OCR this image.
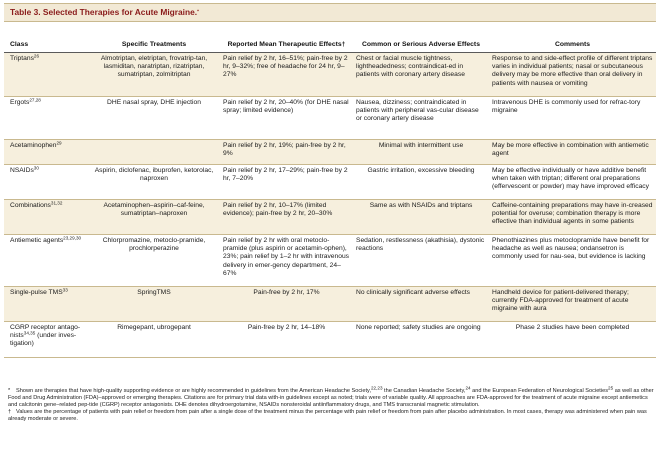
Table 3. Selected Therapies for Acute Migraine.*
Class	Specific Treatments	Reported Mean Therapeutic Effects†	Common or Serious Adverse Effects	Comments
Triptans$^{26}$	Almotriptan, eletriptan, frovatrip-tan, lasmiditan, naratriptan, rizatriptan, sumatriptan, zolmitriptan	Pain relief by 2 hr, 16–51%; pain-free by 2 hr, 9–32%; free of headache for 24 hr, 9–27%	Chest or facial muscle tightness, lightheadedness; contraindicat-ed in patients with coronary artery disease	Response to and side-effect profile of different triptans varies in individual patients; nasal or subcutaneous delivery may be more effective than oral delivery in patients with nausea or vomiting
Ergots$^{27,28}$	DHE nasal spray, DHE injection	Pain relief by 2 hr, 20–40% (for DHE nasal spray; limited evidence)	Nausea, dizziness; contraindicated in patients with peripheral vas-cular disease or coronary artery disease	Intravenous DHE is commonly used for refrac-tory migraine
Acetaminophen$^{29}$		Pain relief by 2 hr, 19%; pain-free by 2 hr, 9%	Minimal with intermittent use	May be more effective in combination with antiemetic agent
NSAIDs$^{30}$	Aspirin, diclofenac, ibuprofen, ketorolac, naproxen	Pain relief by 2 hr, 17–29%; pain-free by 2 hr, 7–20%	Gastric irritation, excessive bleeding	May be effective individually or have additive benefit when taken with triptan; different oral preparations (effervescent or powder) may have improved efficacy
Combinations$^{31,32}$	Acetaminophen–aspirin–caf-feine, sumatriptan–naproxen	Pain relief by 2 hr, 10–17% (limited evidence); pain-free by 2 hr, 20–30%	Same as with NSAIDs and triptans	Caffeine-containing preparations may have in-creased potential for overuse; combination therapy is more effective than individual agents in some patients
Antiemetic agents$^{23,29,30}$	Chlorpromazine, metoclo-pramide, prochlorperazine	Pain relief by 2 hr with oral metoclo-pramide (plus aspirin or acetamin-ophen), 23%; pain relief by 1–2 hr with intravenous delivery in emer-gency department, 24–67%	Sedation, restlessness (akathisia), dystonic reactions	Phenothiazines plus metoclopramide have benefit for headache as well as nausea; ondansetron is commonly used for nau-sea, but evidence is lacking
Single-pulse TMS$^{33}$	SpringTMS	Pain-free by 2 hr, 17%	No clinically significant adverse effects	Handheld device for patient-delivered therapy; currently FDA-approved for treatment of acute migraine with aura
CGRP receptor antago-nists$^{34,35}$ (under inves-tigation)	Rimegepant, ubrogepant	Pain-free by 2 hr, 14–18%	None reported; safety studies are ongoing	Phase 2 studies have been completed

* Shown are therapies that have high-quality supporting evidence or are highly recommended in guidelines from the American Headache Society,$^{22,23}$ the Canadian Headache Society,$^{24}$ and the European Federation of Neurological Societies$^{25}$ as well as other Food and Drug Administration (FDA)–approved or emerging therapies. Citations are for primary trial data with-in guidelines except as noted; trials were of variable quality. All approaches are FDA-approved for the treatment of acute migraine except antiemetics and calcitonin gene–related pep-tide (CGRP) receptor antagonists. DHE denotes dihydroergotamine, NSAIDs nonsteroidal antiinflammatory drugs, and TMS transcranial magnetic stimulation.

† Values are the percentage of patients with pain relief or freedom from pain after a single dose of the treatment minus the percentage with pain relief or freedom from pain after placebo administration. In most cases, therapy was administered when pain was already moderate or severe.
